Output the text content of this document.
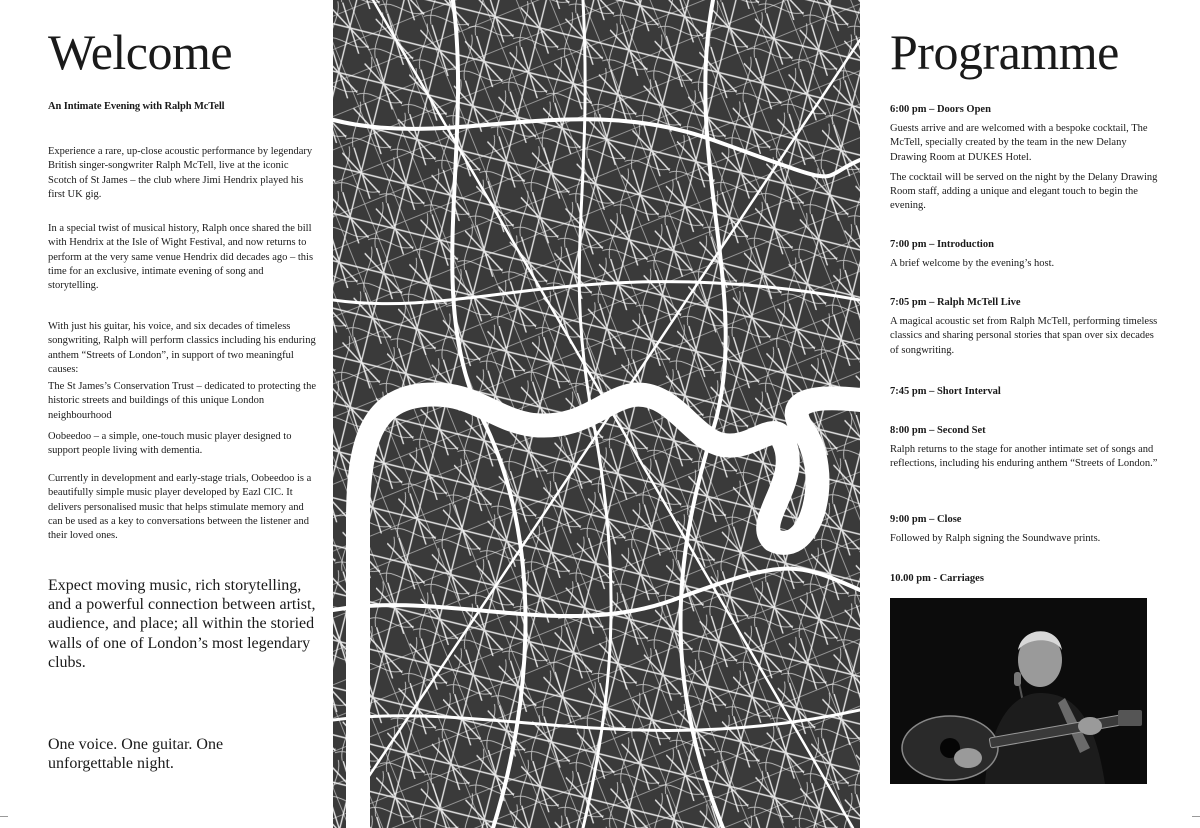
Welcome
An Intimate Evening with Ralph McTell

Experience a rare, up-close acoustic performance by legendary British singer-songwriter Ralph McTell, live at the iconic Scotch of St James – the club where Jimi Hendrix played his first UK gig.

In a special twist of musical history, Ralph once shared the bill with Hendrix at the Isle of Wight Festival, and now returns to perform at the very same venue Hendrix did decades ago – this time for an exclusive, intimate evening of song and storytelling.

With just his guitar, his voice, and six decades of timeless songwriting, Ralph will perform classics including his enduring anthem “Streets of London”, in support of two meaningful causes:

The St James’s Conservation Trust – dedicated to protecting the historic streets and buildings of this unique London neighbourhood

Oobeedoo – a simple, one-touch music player designed to support people living with dementia.

Currently in development and early-stage trials, Oobeedoo is a beautifully simple music player developed by Eazl CIC. It delivers personalised music that helps stimulate memory and can be used as a key to conversations between the listener and their loved ones.

Expect moving music, rich storytelling, and a powerful connection between artist, audience, and place; all within the storied walls of one of London’s most legendary clubs.

One voice. One guitar. One unforgettable night.

Programme
6:00 pm – Doors Open
Guests arrive and are welcomed with a bespoke cocktail, The McTell, specially created by the team in the new Delany Drawing Room at DUKES Hotel.
The cocktail will be served on the night by the Delany Drawing Room staff, adding a unique and elegant touch to begin the evening.
7:00 pm – Introduction
A brief welcome by the evening’s host.
7:05 pm – Ralph McTell Live
A magical acoustic set from Ralph McTell, performing timeless classics and sharing personal stories that span over six decades of songwriting.
7:45 pm – Short Interval
8:00 pm – Second Set
Ralph returns to the stage for another intimate set of songs and reflections, including his enduring anthem “Streets of London.”
9:00 pm – Close
Followed by Ralph signing the Soundwave prints.
10.00 pm - Carriages
